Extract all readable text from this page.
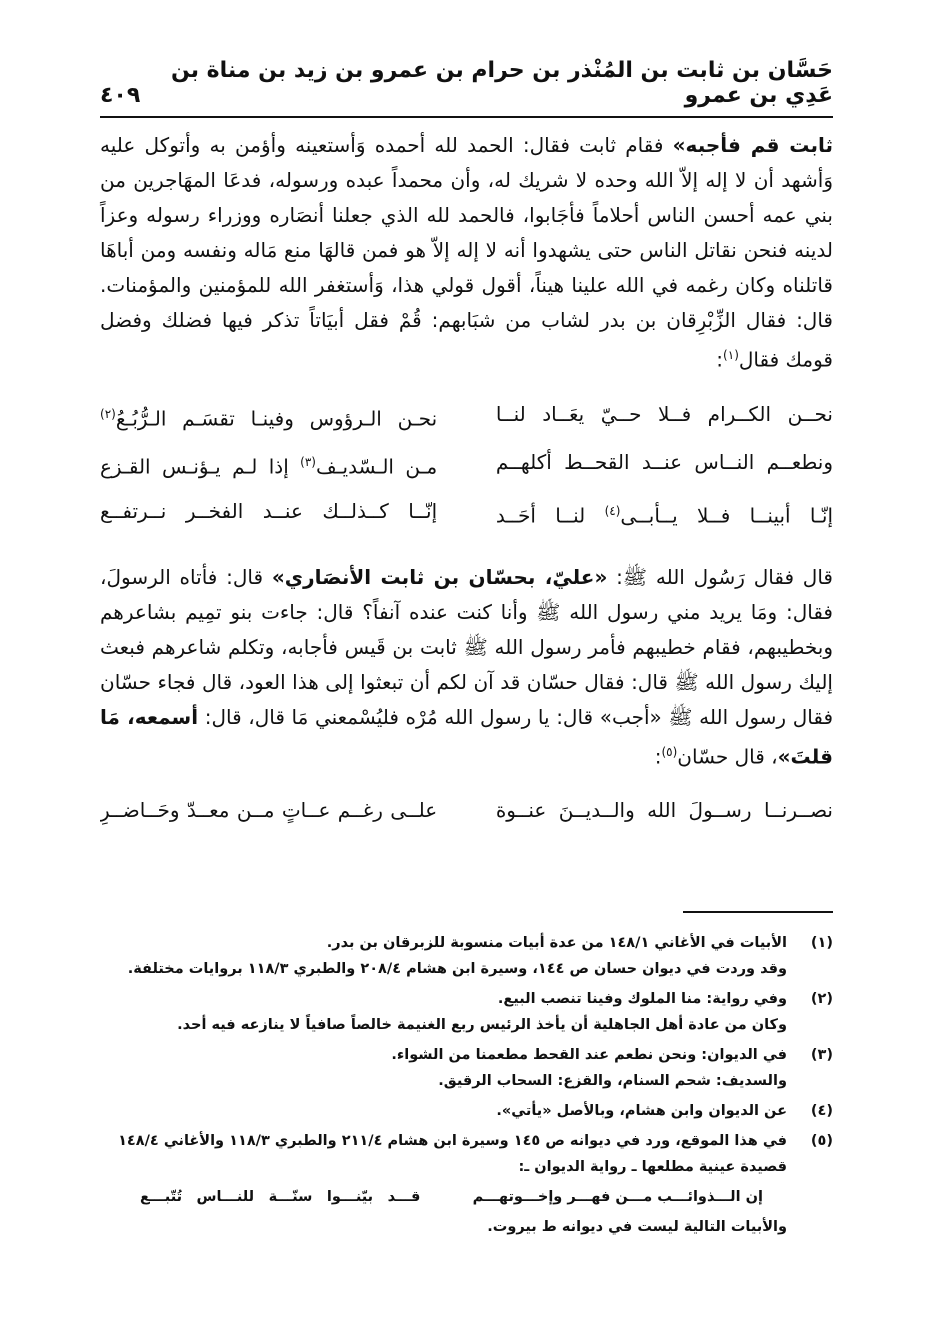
حَسَّان بن ثابت بن المُنْذر بن حرام بن عمرو بن زيد بن مناة بن عَدِي بن عمرو
٤٠٩

ثابت قم فأجبه» فقام ثابت فقال: الحمد لله أحمده وَأستعينه وأؤمن به وأتوكل عليه وَأشهد أن لا إله إلاّ الله وحده لا شريك له، وأن محمداً عبده ورسوله، فدعَا المهَاجرين من بني عمه أحسن الناس أحلاماً فأجَابوا، فالحمد لله الذي جعلنا أنصَاره ووزراء رسوله وعزاً لدينه فنحن نقاتل الناس حتى يشهدوا أنه لا إله إلاّ هو فمن قالهَا منع مَاله ونفسه ومن أباهَا قاتلناه وكان رغمه في الله علينا هيناً، أقول قولي هذا، وَأستغفر الله للمؤمنين والمؤمنات. قال: فقال الزِّبْرِقان بن بدر لشاب من شبَابهم: قُمْ فقل أبيَاتاً تذكر فيها فضلك وفضل قومك فقال$^{(١)}$:

نحــن الكــرام فــلا حــيّ يعَــاد لنــا
نحـن الـرؤوس وفينـا تقسَـم الـرُّبُـعُ$^{(٢)}$
ونطعــم النــاس عنــد القحــط أكلهــم
مـن الـسّديـف$^{(٣)}$ إذا لـم يـؤنـس القـزع
إنّـا أبينــا فــلا يــأبــى$^{(٤)}$ لنــا أحَــد
إنّــا كــذلــك عنــد الفخــر نــرتفــع

قال فقال رَسُول الله ﷺ: «عليّ، بحسّان بن ثابت الأنصَاري» قال: فأتاه الرسولَ، فقال: ومَا يريد مني رسول الله ﷺ وأنا كنت عنده آنفاً؟ قال: جاءت بنو تمِيم بشاعرهم وبخطيبهم، فقام خطيبهم فأمر رسول الله ﷺ ثابت بن قَيس فأجابه، وتكلم شاعرهم فبعث إليك رسول الله ﷺ قال: فقال حسّان قد آن لكم أن تبعثوا إلى هذا العود، قال فجاء حسّان فقال رسول الله ﷺ «أجب» قال: يا رسول الله مُرْه فليُسْمعني مَا قال، قال: أسمعه، مَا قلتَ»، قال حسّان$^{(٥)}$:

نصــرنــا رســولَ الله والــديــنَ عنــوة
علــى رغــم عــاتٍ مــن معــدّ وحَــاضــرِ
(١)

الأبيات في الأغاني ١٤٨/١ من عدة أبيات منسوبة للزبرقان بن بدر.

وقد وردت في ديوان حسان ص ١٤٤، وسيرة ابن هشام ٢٠٨/٤ والطبري ١١٨/٣ بروايات مختلفة.

(٢)

وفي رواية: منا الملوك وفينا تنصب البيع.

وكان من عادة أهل الجاهلية أن يأخذ الرئيس ربع الغنيمة خالصاً صافياً لا ينازعه فيه أحد.

(٣)

في الديوان: ونحن نطعم عند القحط مطعمنا من الشواء.

والسديف: شحم السنام، والقزع: السحاب الرقيق.

(٤)

عن الديوان وابن هشام، وبالأصل «يأتي».

(٥)

في هذا الموقع، ورد في ديوانه ص ١٤٥ وسيرة ابن هشام ٢١١/٤ والطبري ١١٨/٣ والأغاني ١٤٨/٤

قصيدة عينية مطلعها ـ رواية الديوان ـ:

إن الـــذوائـــب مـــن فهـــر وإخـــوتهـــم
قـــد بيّنـــوا سنّـــة للنـــاس تُتّبـــع

والأبيات التالية ليست في ديوانه ط بيروت.
